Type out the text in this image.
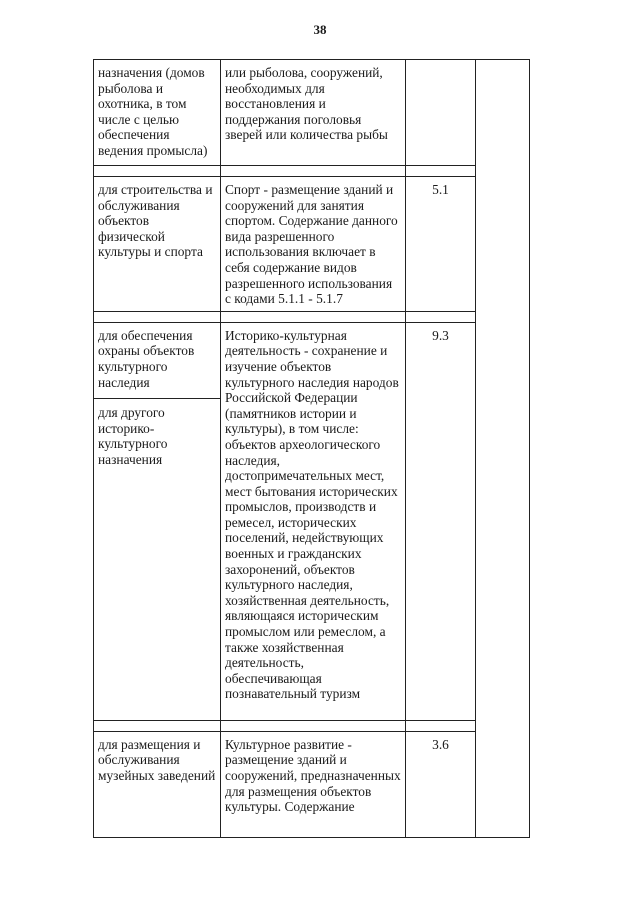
38
назначения (домов рыболова и охотника, в том числе с целью обеспечения ведения промысла)	или рыболова, сооружений, необходимых для восстановления и поддержания поголовья зверей или количества рыбы		

для строительства и обслуживания объектов физической культуры и спорта	Спорт - размещение зданий и сооружений для занятия спортом. Содержание данного вида разрешенного использования включает в себя содержание видов разрешенного использования с кодами 5.1.1 - 5.1.7	5.1	

для обеспечения охраны объектов культурного наследия
для другого историко-культурного назначения	Историко-культурная деятельность - сохранение и изучение объектов культурного наследия народов Российской Федерации (памятников истории и культуры), в том числе: объектов археологического наследия, достопримечательных мест, мест бытования исторических промыслов, производств и ремесел, исторических поселений, недействующих военных и гражданских захоронений, объектов культурного наследия, хозяйственная деятельность, являющаяся историческим промыслом или ремеслом, а также хозяйственная деятельность, обеспечивающая познавательный туризм	9.3	

для размещения и обслуживания музейных заведений	Культурное развитие - размещение зданий и сооружений, предназначенных для размещения объектов культуры. Содержание	3.6	
